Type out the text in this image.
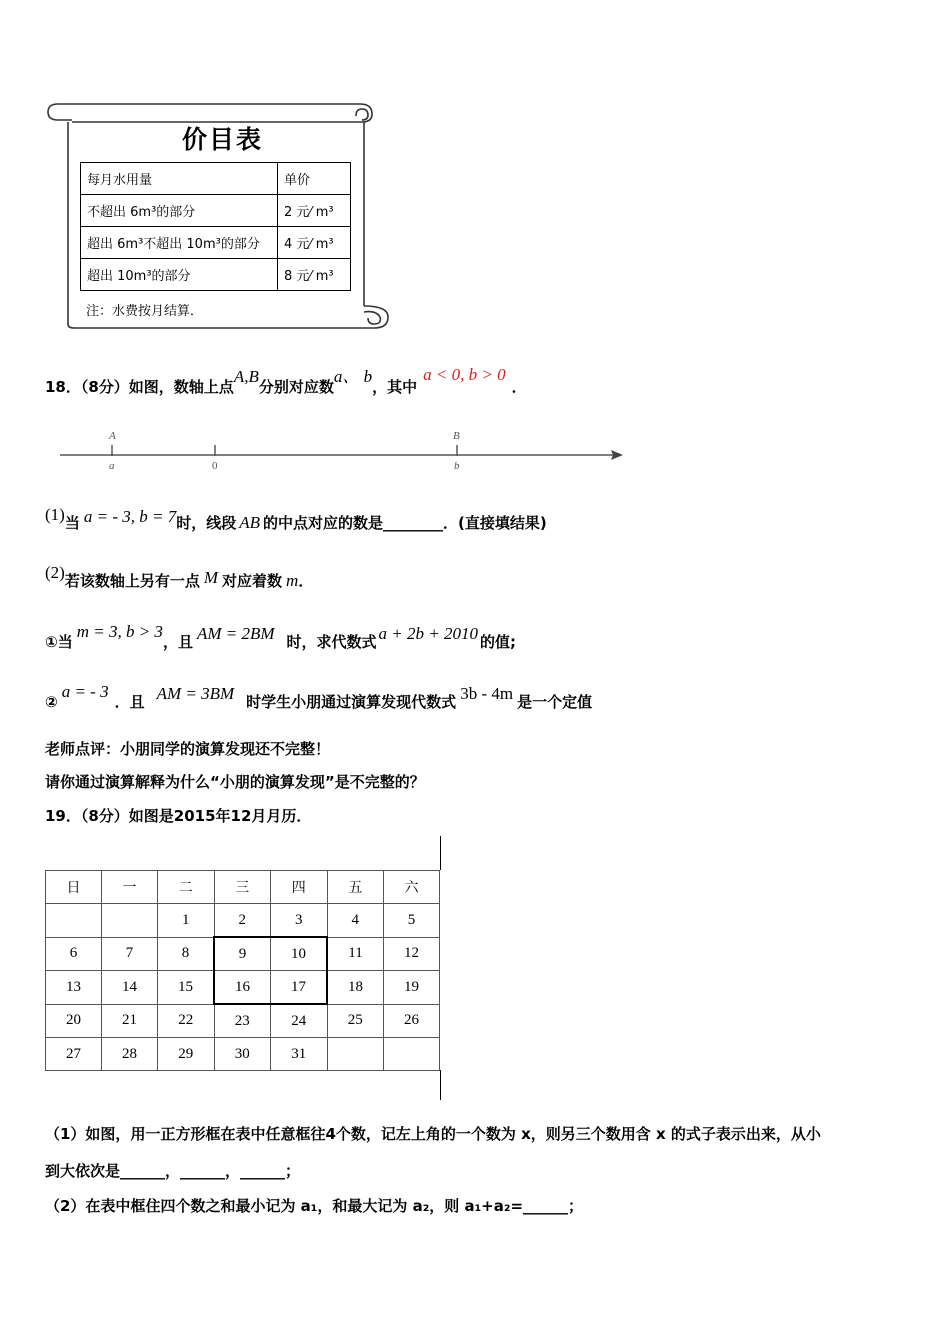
价目表
每月水用量	单价
不超出 6m³的部分	2 元⁄ m³
超出 6m³不超出 10m³的部分	4 元⁄ m³
超出 10m³的部分	8 元⁄ m³
注：水费按月结算．
18．（8分）如图，数轴上点A,B分别对应数a、 b，其中a < 0, b > 0．
A
a	0
B
b
(1)当 a = - 3, b = 7时，线段 AB 的中点对应的数是________．(直接填结果)
(2)若该数轴上另有一点 M 对应着数 m．
①当m = 3, b > 3，且 AM = 2BM 时，求代数式 a + 2b + 2010 的值;
②a = - 3．且 AM = 3BM 时学生小朋通过演算发现代数式 3b - 4m 是一个定值
老师点评：小朋同学的演算发现还不完整！
请你通过演算解释为什么“小朋的演算发现”是不完整的？
19．（8分）如图是2015年12月月历．
日	一	二	三	四	五	六
		1	2	3	4	5
6	7	8	9	10	11	12
13	14	15	16	17	18	19
20	21	22	23	24	25	26
27	28	29	30	31		
（1）如图，用一正方形框在表中任意框往4个数，记左上角的一个数为 x，则另三个数用含 x 的式子表示出来，从小
到大依次是______，______，______；
（2）在表中框住四个数之和最小记为 a₁，和最大记为 a₂，则 a₁+a₂=______；
